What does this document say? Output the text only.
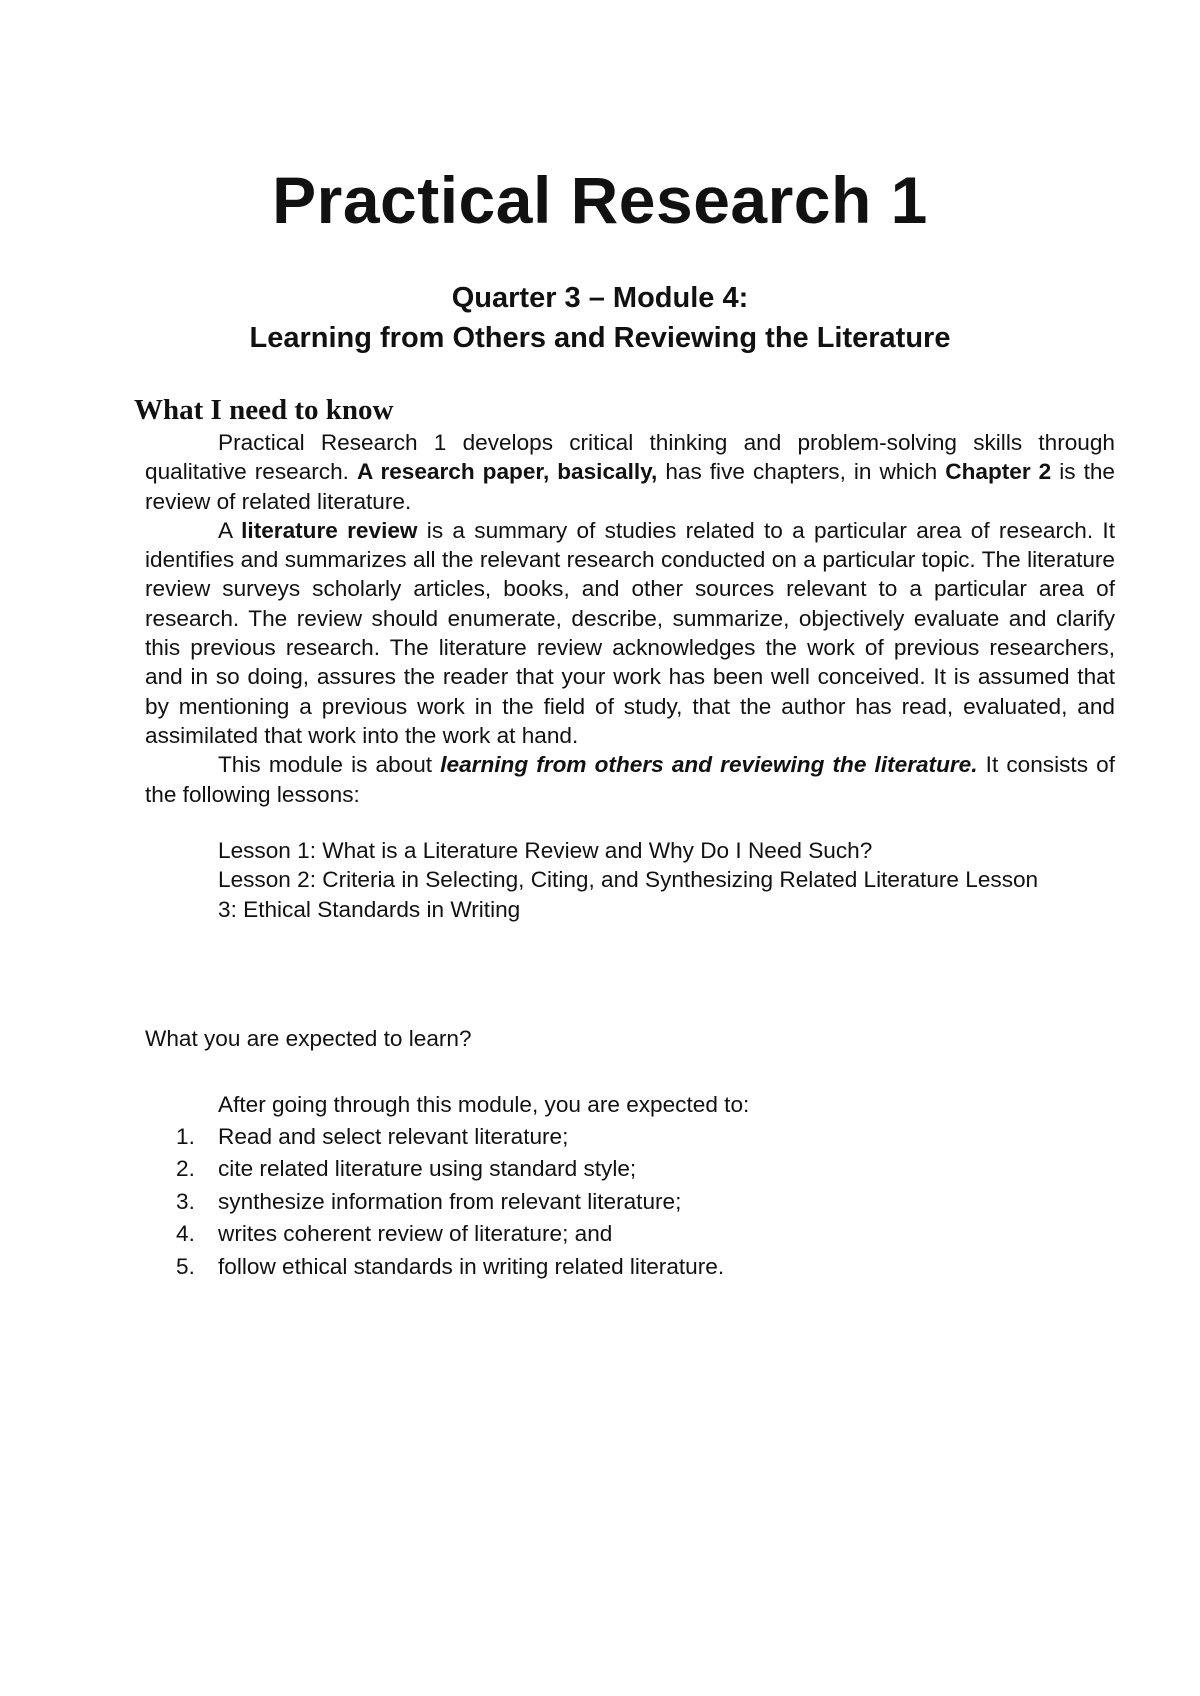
Practical Research 1
Quarter 3 – Module 4:
Learning from Others and Reviewing the Literature
What I need to know

Practical Research 1 develops critical thinking and problem-solving skills through qualitative research. A research paper, basically, has five chapters, in which Chapter 2 is the review of related literature.

A literature review is a summary of studies related to a particular area of research. It identifies and summarizes all the relevant research conducted on a particular topic. The literature review surveys scholarly articles, books, and other sources relevant to a particular area of research. The review should enumerate, describe, summarize, objectively evaluate and clarify this previous research. The literature review acknowledges the work of previous researchers, and in so doing, assures the reader that your work has been well conceived. It is assumed that by mentioning a previous work in the field of study, that the author has read, evaluated, and assimilated that work into the work at hand.

This module is about learning from others and reviewing the literature. It consists of the following lessons:

Lesson 1: What is a Literature Review and Why Do I Need Such?
Lesson 2: Criteria in Selecting, Citing, and Synthesizing Related Literature Lesson
3: Ethical Standards in Writing

What you are expected to learn?

After going through this module, you are expected to:

1.	Read and select relevant literature;
2.	cite related literature using standard style;
3.	synthesize information from relevant literature;
4.	writes coherent review of literature; and
5.	follow ethical standards in writing related literature.
